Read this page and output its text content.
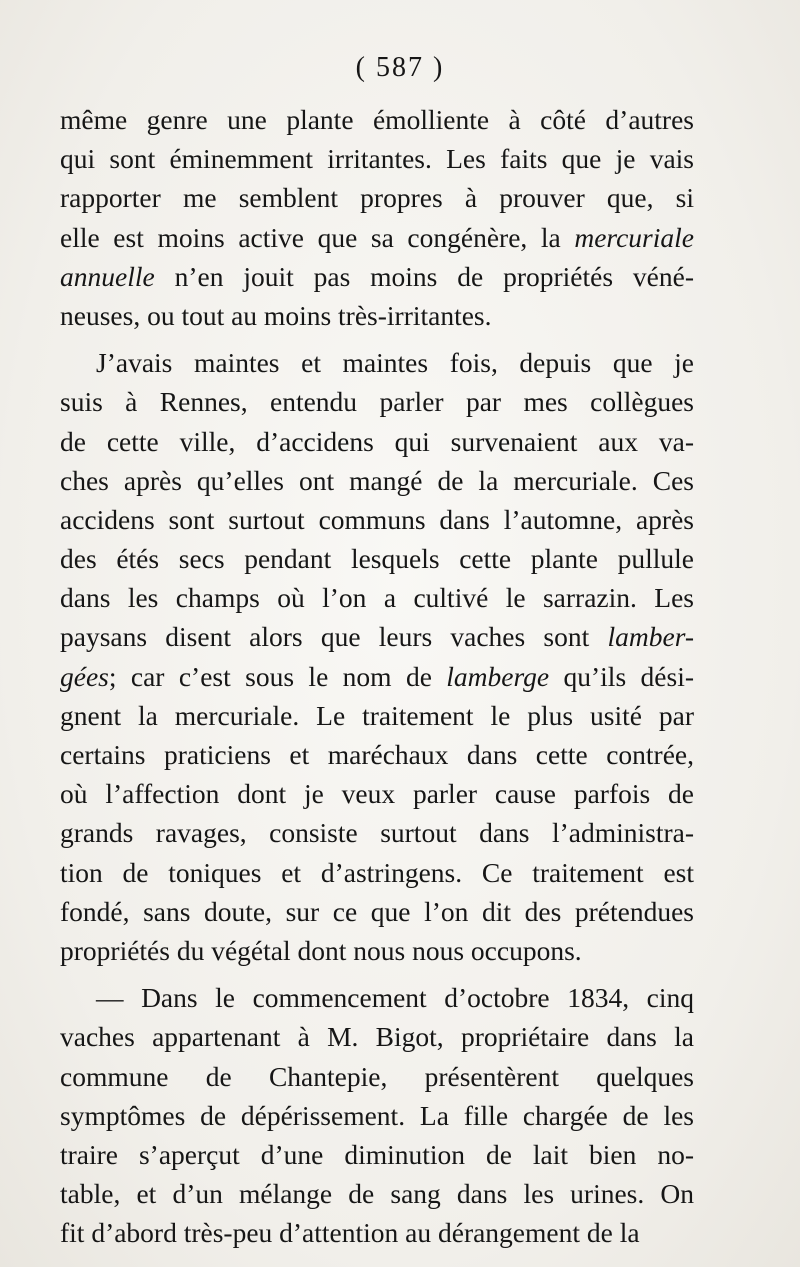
( 587 )
même genre une plante émolliente à côté d’autres
qui sont éminemment irritantes. Les faits que je vais
rapporter me semblent propres à prouver que, si
elle est moins active que sa congénère, la mercuriale
annuelle n’en jouit pas moins de propriétés véné-
neuses, ou tout au moins très-irritantes.
J’avais maintes et maintes fois, depuis que je
suis à Rennes, entendu parler par mes collègues
de cette ville, d’accidens qui survenaient aux va-
ches après qu’elles ont mangé de la mercuriale. Ces
accidens sont surtout communs dans l’automne, après
des étés secs pendant lesquels cette plante pullule
dans les champs où l’on a cultivé le sarrazin. Les
paysans disent alors que leurs vaches sont lamber-
gées; car c’est sous le nom de lamberge qu’ils dési-
gnent la mercuriale. Le traitement le plus usité par
certains praticiens et maréchaux dans cette contrée,
où l’affection dont je veux parler cause parfois de
grands ravages, consiste surtout dans l’administra-
tion de toniques et d’astringens. Ce traitement est
fondé, sans doute, sur ce que l’on dit des prétendues
propriétés du végétal dont nous nous occupons.
— Dans le commencement d’octobre 1834, cinq
vaches appartenant à M. Bigot, propriétaire dans la
commune de Chantepie, présentèrent quelques
symptômes de dépérissement. La fille chargée de les
traire s’aperçut d’une diminution de lait bien no-
table, et d’un mélange de sang dans les urines. On
fit d’abord très-peu d’attention au dérangement de la
